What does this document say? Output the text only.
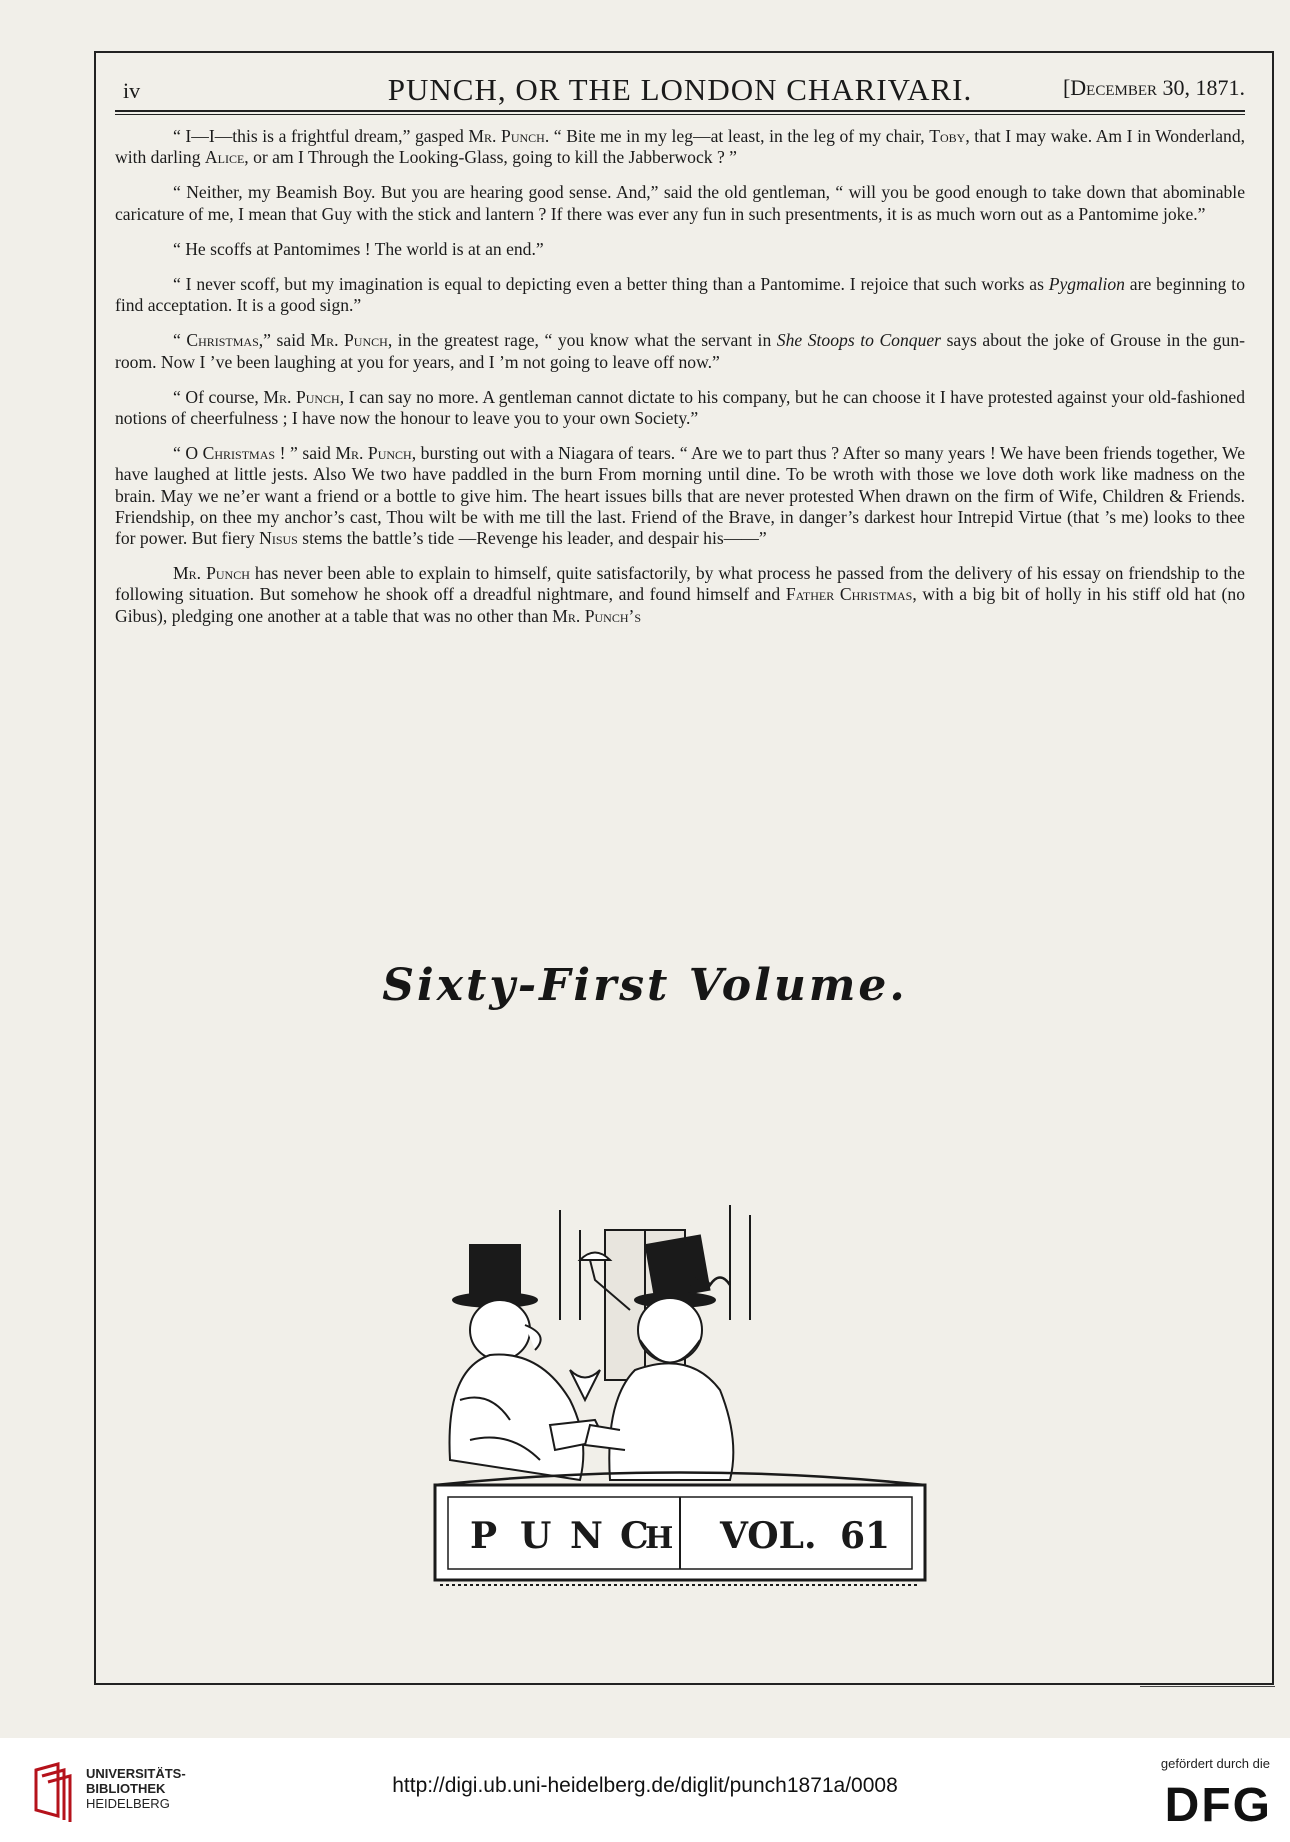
iv	PUNCH, OR THE LONDON CHARIVARI.	[December 30, 1871.

“ I—I—this is a frightful dream,” gasped Mr. Punch. “ Bite me in my leg—at least, in the leg of my chair, Toby, that I may wake. Am I in Wonderland, with darling Alice, or am I Through the Looking-Glass, going to kill the Jabberwock ? ”

“ Neither, my Beamish Boy. But you are hearing good sense. And,” said the old gentleman, “ will you be good enough to take down that abominable caricature of me, I mean that Guy with the stick and lantern ? If there was ever any fun in such presentments, it is as much worn out as a Pantomime joke.”

“ He scoffs at Pantomimes ! The world is at an end.”

“ I never scoff, but my imagination is equal to depicting even a better thing than a Pantomime. I rejoice that such works as Pygmalion are beginning to find acceptation. It is a good sign.”

“ Christmas,” said Mr. Punch, in the greatest rage, “ you know what the servant in She Stoops to Conquer says about the joke of Grouse in the gun-room. Now I ’ve been laughing at you for years, and I ’m not going to leave off now.”

“ Of course, Mr. Punch, I can say no more. A gentleman cannot dictate to his company, but he can choose it I have protested against your old-fashioned notions of cheerfulness ; I have now the honour to leave you to your own Society.”

“ O Christmas ! ” said Mr. Punch, bursting out with a Niagara of tears. “ Are we to part thus ? After so many years ! We have been friends together, We have laughed at little jests. Also We two have paddled in the burn From morning until dine. To be wroth with those we love doth work like madness on the brain. May we ne’er want a friend or a bottle to give him. The heart issues bills that are never protested When drawn on the firm of Wife, Children & Friends. Friendship, on thee my anchor’s cast, Thou wilt be with me till the last. Friend of the Brave, in danger’s darkest hour Intrepid Virtue (that ’s me) looks to thee for power. But fiery Nisus stems the battle’s tide —Revenge his leader, and despair his——”

Mr. Punch has never been able to explain to himself, quite satisfactorily, by what process he passed from the delivery of his essay on friendship to the following situation. But somehow he shook off a dreadful nightmare, and found himself and Father Christmas, with a big bit of holly in his stiff old hat (no Gibus), pledging one another at a table that was no other than Mr. Punch’s

Sixty-First Volume.
P U N C
H VOL. 61
UNIVERSITÄTS-
BIBLIOTHEK
HEIDELBERG
http://digi.ub.uni-heidelberg.de/diglit/punch1871a/0008
gefördert durch die
DFG
